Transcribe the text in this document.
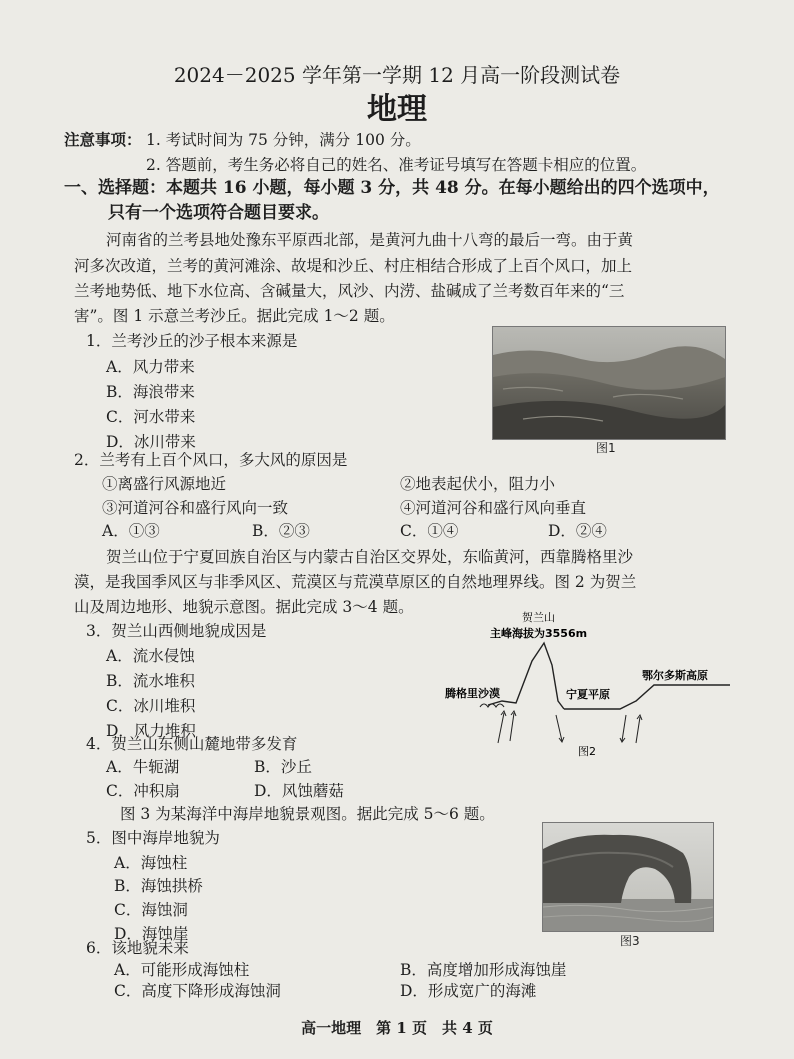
2024－2025 学年第一学期 12 月高一阶段测试卷
地理
注意事项： 1. 考试时间为 75 分钟，满分 100 分。
2. 答题前，考生务必将自己的姓名、准考证号填写在答题卡相应的位置。
一、选择题：本题共 16 小题，每小题 3 分，共 48 分。在每小题给出的四个选项中，
只有一个选项符合题目要求。
河南省的兰考县地处豫东平原西北部，是黄河九曲十八弯的最后一弯。由于黄
河多次改道，兰考的黄河滩涂、故堤和沙丘、村庄相结合形成了上百个风口，加上
兰考地势低、地下水位高、含碱量大，风沙、内涝、盐碱成了兰考数百年来的“三
害”。图 1 示意兰考沙丘。据此完成 1～2 题。
1．兰考沙丘的沙子根本来源是
A．风力带来
B．海浪带来
C．河水带来
D．冰川带来	图1
2．兰考有上百个风口，多大风的原因是
①离盛行风源地近	②地表起伏小，阻力小
③河道河谷和盛行风向一致	④河道河谷和盛行风向垂直
A．①③	B．②③	C．①④	D．②④
贺兰山位于宁夏回族自治区与内蒙古自治区交界处，东临黄河，西靠腾格里沙
漠，是我国季风区与非季风区、荒漠区与荒漠草原区的自然地理界线。图 2 为贺兰
山及周边地形、地貌示意图。据此完成 3～4 题。
3．贺兰山西侧地貌成因是
A．流水侵蚀
B．流水堆积
C．冰川堆积
D．风力堆积
贺兰山
主峰海拔为3556m
腾格里沙漠	宁夏平原
鄂尔多斯高原
图2
4．贺兰山东侧山麓地带多发育
A．牛轭湖	B．沙丘
C．冲积扇	D．风蚀蘑菇
图 3 为某海洋中海岸地貌景观图。据此完成 5～6 题。
5．图中海岸地貌为
A．海蚀柱
B．海蚀拱桥
C．海蚀洞
D．海蚀崖	图3
6．该地貌未来
A．可能形成海蚀柱	B．高度增加形成海蚀崖
C．高度下降形成海蚀洞	D．形成宽广的海滩
高一地理　第 1 页　共 4 页
